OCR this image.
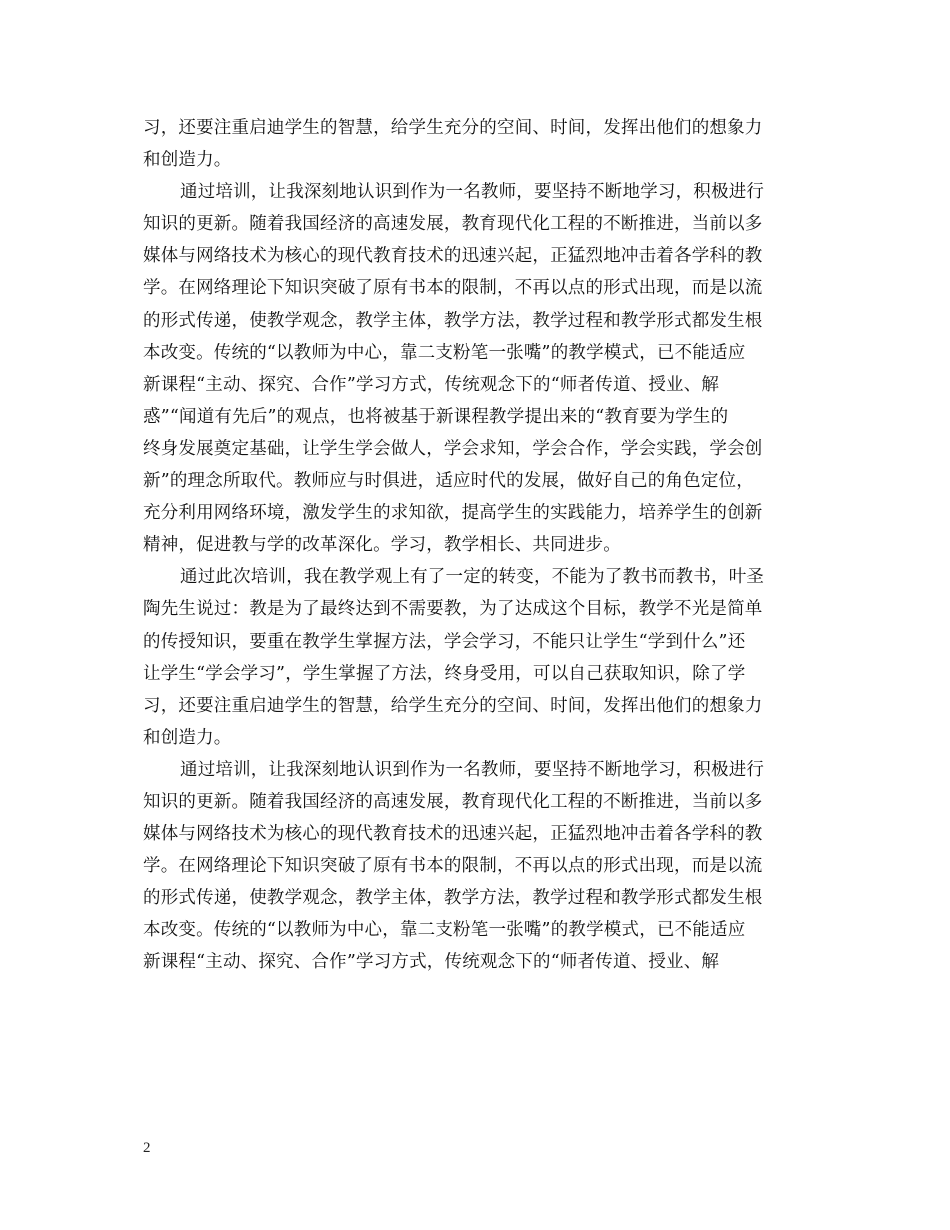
习，还要注重启迪学生的智慧，给学生充分的空间、时间，发挥出他们的想象力
和创造力。
通过培训，让我深刻地认识到作为一名教师，要坚持不断地学习，积极进行
知识的更新。随着我国经济的高速发展，教育现代化工程的不断推进，当前以多
媒体与网络技术为核心的现代教育技术的迅速兴起，正猛烈地冲击着各学科的教
学。在网络理论下知识突破了原有书本的限制，不再以点的形式出现，而是以流
的形式传递，使教学观念，教学主体，教学方法，教学过程和教学形式都发生根
本改变。传统的“以教师为中心，靠二支粉笔一张嘴”的教学模式，已不能适应
新课程“主动、探究、合作”学习方式，传统观念下的“师者传道、授业、解
惑”“闻道有先后”的观点，也将被基于新课程教学提出来的“教育要为学生的
终身发展奠定基础，让学生学会做人，学会求知，学会合作，学会实践，学会创
新”的理念所取代。教师应与时俱进，适应时代的发展，做好自己的角色定位，
充分利用网络环境，激发学生的求知欲，提高学生的实践能力，培养学生的创新
精神，促进教与学的改革深化。学习，教学相长、共同进步。
通过此次培训，我在教学观上有了一定的转变，不能为了教书而教书，叶圣
陶先生说过：教是为了最终达到不需要教，为了达成这个目标，教学不光是简单
的传授知识，要重在教学生掌握方法，学会学习，不能只让学生“学到什么”还
让学生“学会学习”，学生掌握了方法，终身受用，可以自己获取知识，除了学
习，还要注重启迪学生的智慧，给学生充分的空间、时间，发挥出他们的想象力
和创造力。
通过培训，让我深刻地认识到作为一名教师，要坚持不断地学习，积极进行
知识的更新。随着我国经济的高速发展，教育现代化工程的不断推进，当前以多
媒体与网络技术为核心的现代教育技术的迅速兴起，正猛烈地冲击着各学科的教
学。在网络理论下知识突破了原有书本的限制，不再以点的形式出现，而是以流
的形式传递，使教学观念，教学主体，教学方法，教学过程和教学形式都发生根
本改变。传统的“以教师为中心，靠二支粉笔一张嘴”的教学模式，已不能适应
新课程“主动、探究、合作”学习方式，传统观念下的“师者传道、授业、解
2
